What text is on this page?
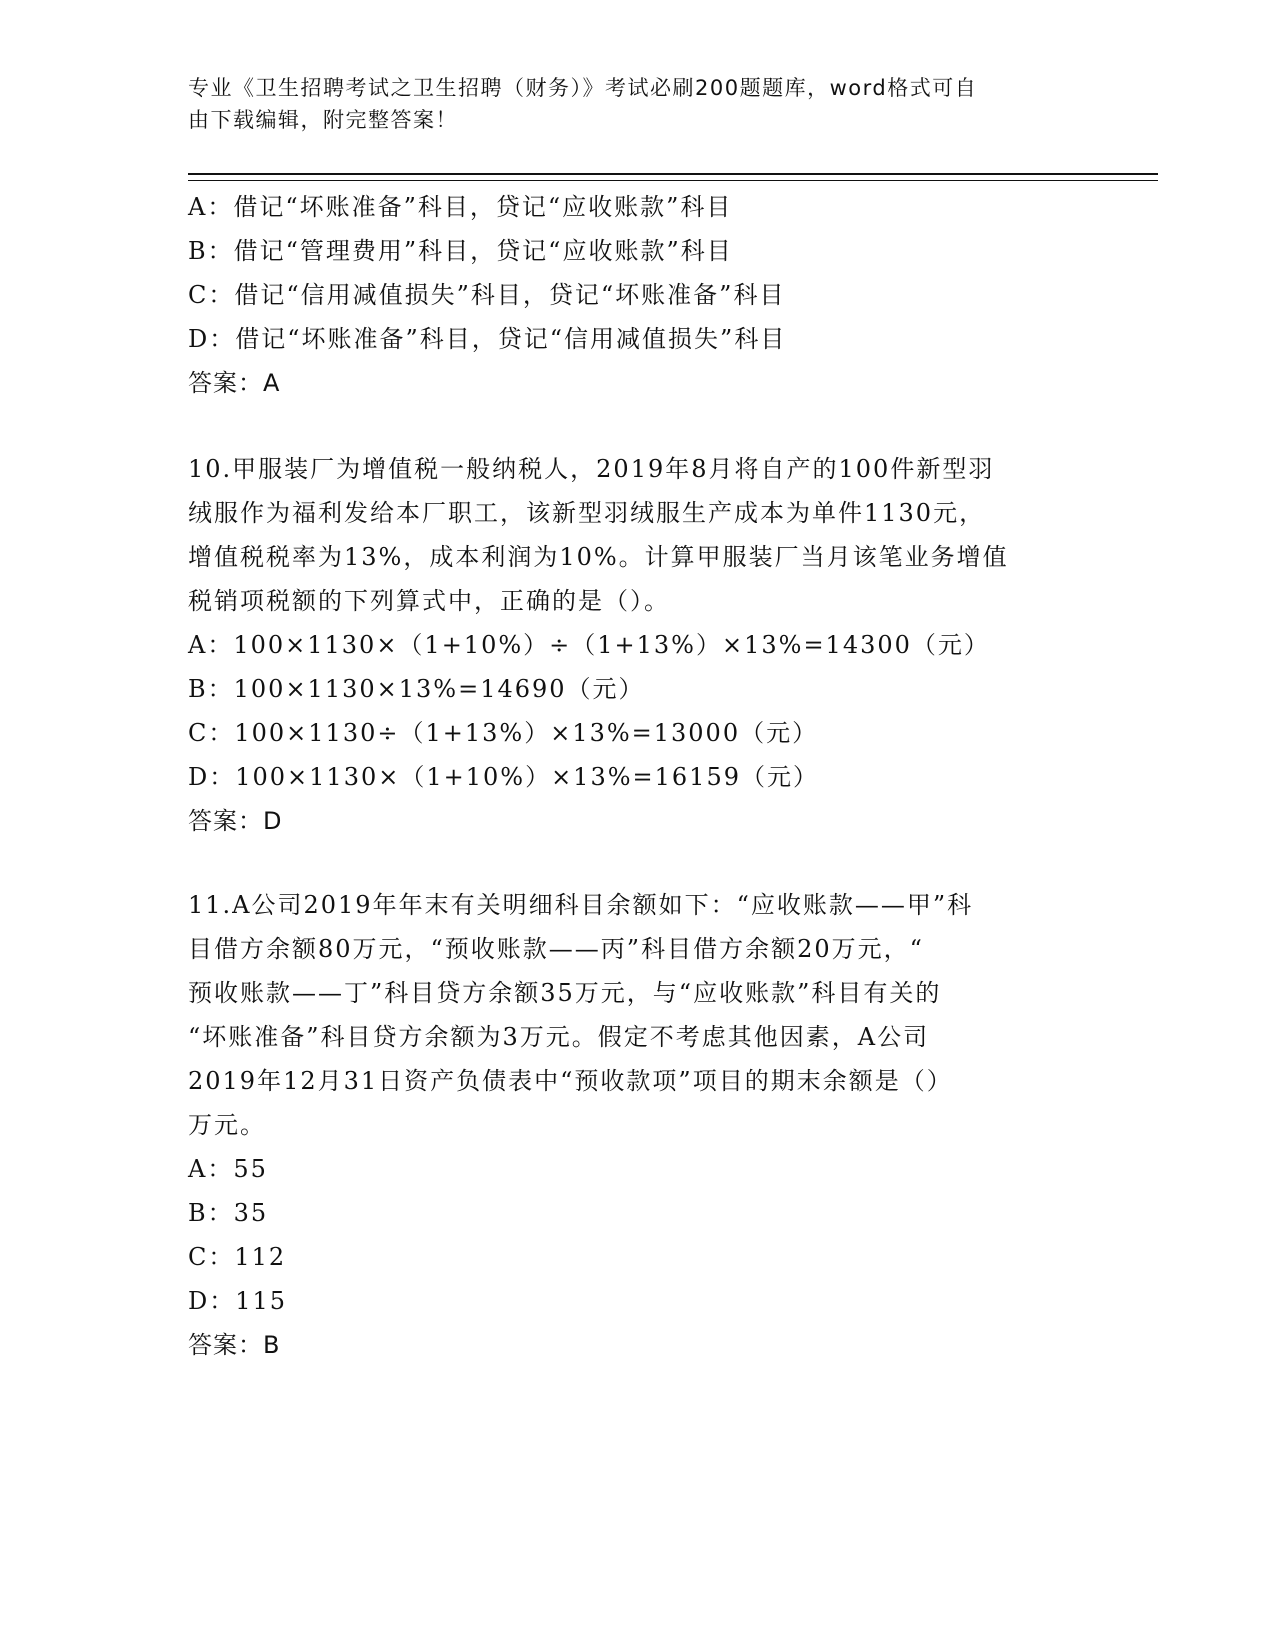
专业《卫生招聘考试之卫生招聘（财务）》考试必刷200题题库，word格式可自
由下载编辑，附完整答案！
A：借记“坏账准备”科目，贷记“应收账款”科目
B：借记“管理费用”科目，贷记“应收账款”科目
C：借记“信用减值损失”科目，贷记“坏账准备”科目
D：借记“坏账准备”科目，贷记“信用减值损失”科目
答案：A
10.甲服装厂为增值税一般纳税人，2019年8月将自产的100件新型羽
绒服作为福利发给本厂职工，该新型羽绒服生产成本为单件1130元，
增值税税率为13%，成本利润为10%。计算甲服装厂当月该笔业务增值
税销项税额的下列算式中，正确的是（）。
A：100×1130×（1+10%）÷（1+13%）×13%=14300（元）
B：100×1130×13%=14690（元）
C：100×1130÷（1+13%）×13%=13000（元）
D：100×1130×（1+10%）×13%=16159（元）
答案：D
11.A公司2019年年末有关明细科目余额如下：“应收账款——甲”科
目借方余额80万元，“预收账款——丙”科目借方余额20万元，“
预收账款——丁”科目贷方余额35万元，与“应收账款”科目有关的
“坏账准备”科目贷方余额为3万元。假定不考虑其他因素，A公司
2019年12月31日资产负债表中“预收款项”项目的期末余额是（）
万元。
A：55
B：35
C：112
D：115
答案：B
